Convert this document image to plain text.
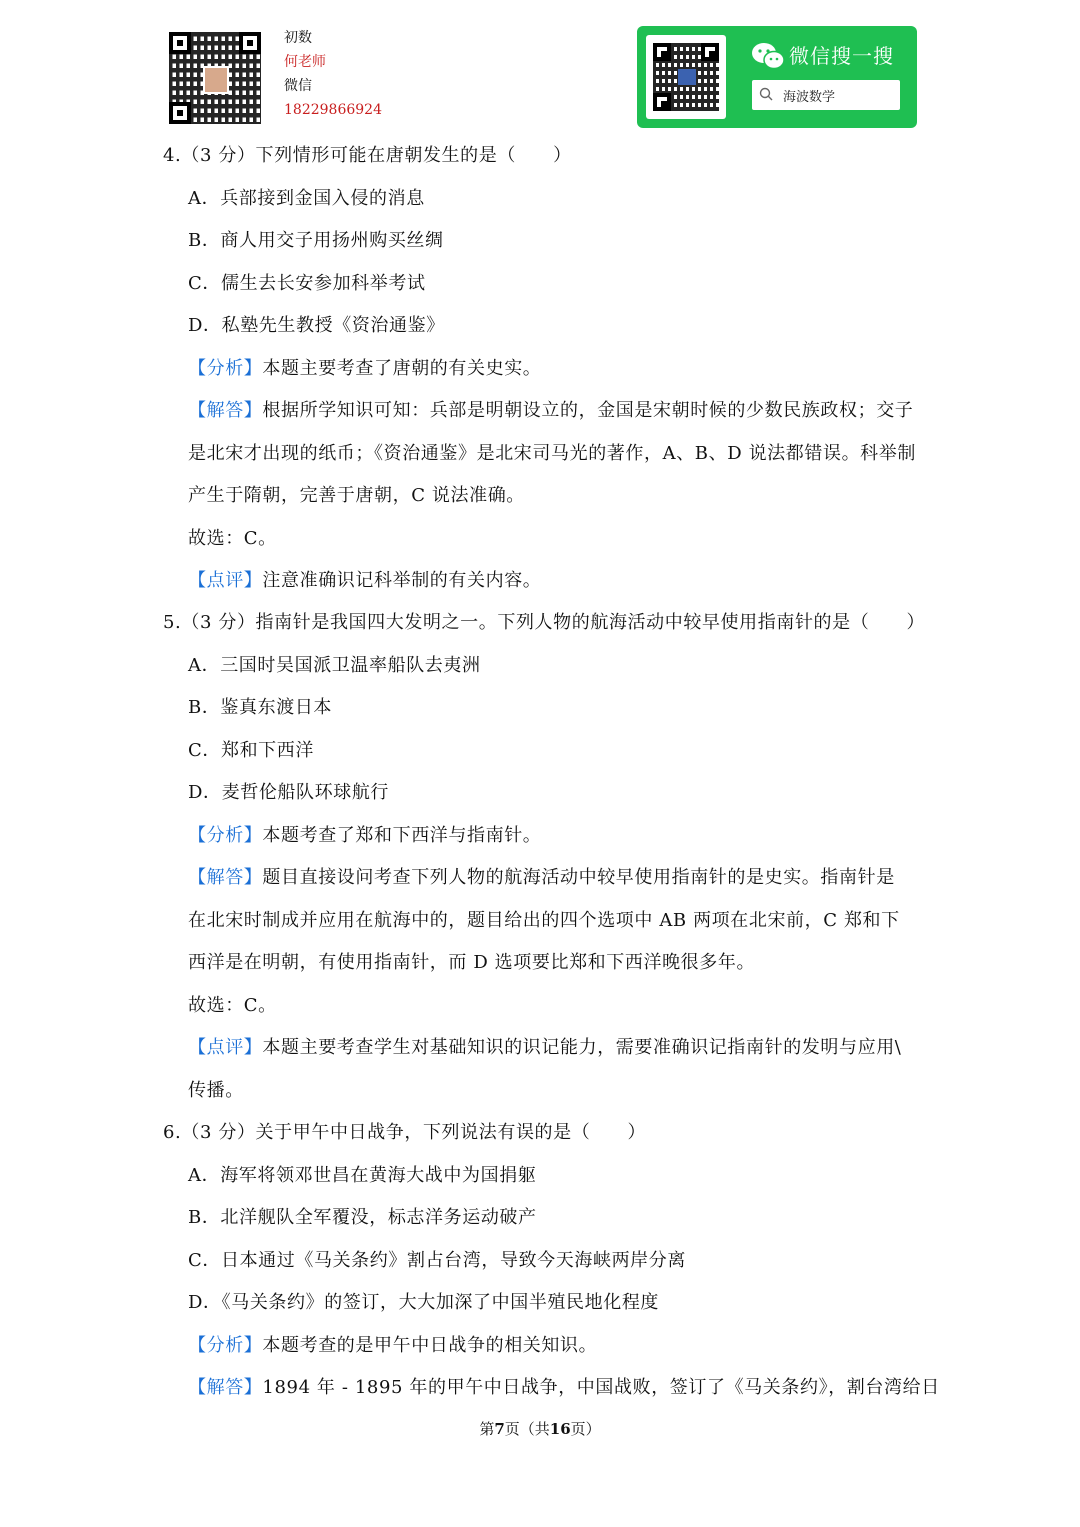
初数
何老师
微信
18229866924
微信搜一搜
海波数学
4.（3 分）下列情形可能在唐朝发生的是（　　）
A．兵部接到金国入侵的消息
B．商人用交子用扬州购买丝绸
C．儒生去长安参加科举考试
D．私塾先生教授《资治通鉴》
【分析】本题主要考查了唐朝的有关史实。
【解答】根据所学知识可知：兵部是明朝设立的，金国是宋朝时候的少数民族政权；交子
是北宋才出现的纸币；《资治通鉴》是北宋司马光的著作，A、B、D 说法都错误。科举制
产生于隋朝，完善于唐朝，C 说法准确。
故选：C。
【点评】注意准确识记科举制的有关内容。
5.（3 分）指南针是我国四大发明之一。下列人物的航海活动中较早使用指南针的是（　　）
A．三国时吴国派卫温率船队去夷洲
B．鉴真东渡日本
C．郑和下西洋
D．麦哲伦船队环球航行
【分析】本题考查了郑和下西洋与指南针。
【解答】题目直接设问考查下列人物的航海活动中较早使用指南针的是史实。指南针是
在北宋时制成并应用在航海中的，题目给出的四个选项中 AB 两项在北宋前，C 郑和下
西洋是在明朝，有使用指南针，而 D 选项要比郑和下西洋晚很多年。
故选：C。
【点评】本题主要考查学生对基础知识的识记能力，需要准确识记指南针的发明与应用\
传播。
6.（3 分）关于甲午中日战争，下列说法有误的是（　　）
A．海军将领邓世昌在黄海大战中为国捐躯
B．北洋舰队全军覆没，标志洋务运动破产
C．日本通过《马关条约》割占台湾，导致今天海峡两岸分离
D．《马关条约》的签订，大大加深了中国半殖民地化程度
【分析】本题考查的是甲午中日战争的相关知识。
【解答】1894 年 - 1895 年的甲午中日战争，中国战败，签订了《马关条约》，割台湾给日
第7页（共16页）
